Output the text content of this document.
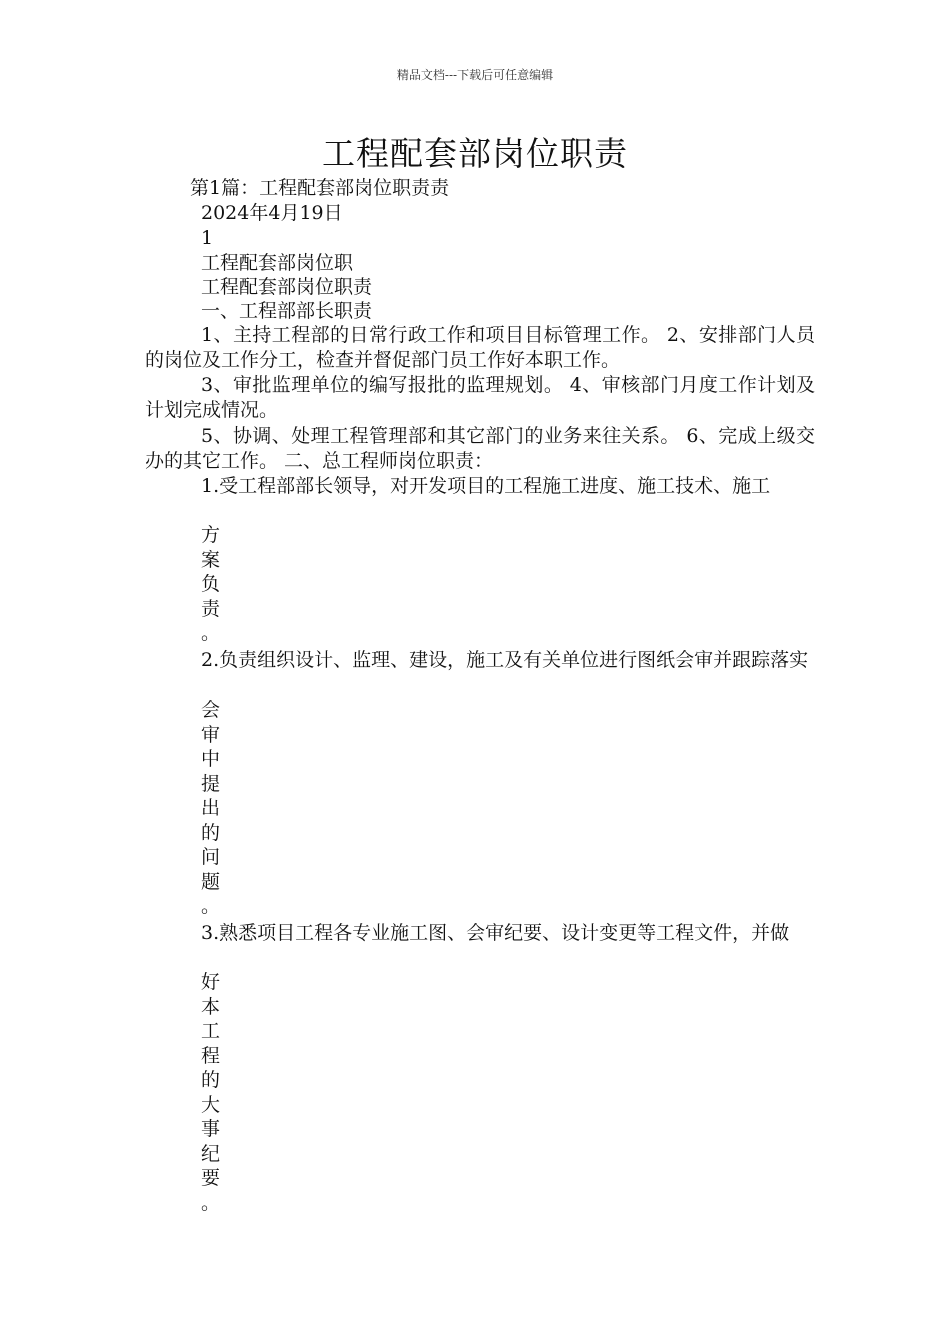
精品文档---下载后可任意编辑
工程配套部岗位职责
第1篇：工程配套部岗位职责责
2024年4月19日
1
工程配套部岗位职
工程配套部岗位职责
一、工程部部长职责
1、主持工程部的日常行政工作和项目目标管理工作。 2、安排部门人员的岗位及工作分工，检查并督促部门员工作好本职工作。
3、审批监理单位的编写报批的监理规划。 4、审核部门月度工作计划及计划完成情况。
5、协调、处理工程管理部和其它部门的业务来往关系。 6、完成上级交办的其它工作。 二、总工程师岗位职责：
1.受工程部部长领导，对开发项目的工程施工进度、施工技术、施工
方
案
负
责
。
2.负责组织设计、监理、建设，施工及有关单位进行图纸会审并跟踪落实
会
审
中
提
出
的
问
题
。
3.熟悉项目工程各专业施工图、会审纪要、设计变更等工程文件，并做
好
本
工
程
的
大
事
纪
要
。
